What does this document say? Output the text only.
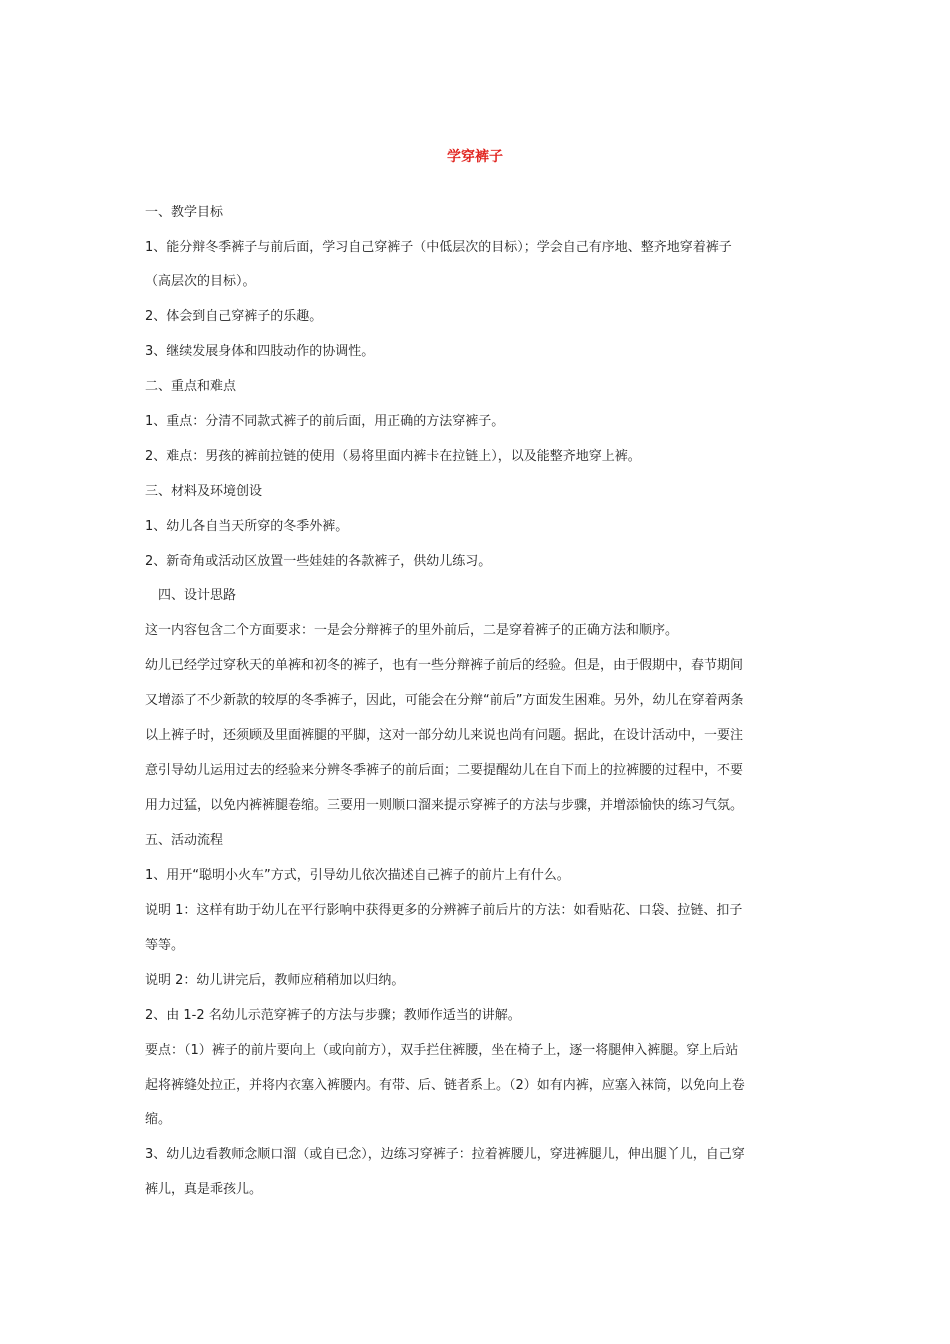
学穿裤子
一、教学目标
1、能分辩冬季裤子与前后面，学习自己穿裤子（中低层次的目标）；学会自己有序地、整齐地穿着裤子
（高层次的目标）。
2、体会到自己穿裤子的乐趣。
3、继续发展身体和四肢动作的协调性。
二、重点和难点
1、重点：分清不同款式裤子的前后面，用正确的方法穿裤子。
2、难点：男孩的裤前拉链的使用（易将里面内裤卡在拉链上），以及能整齐地穿上裤。
三、材料及环境创设
1、幼儿各自当天所穿的冬季外裤。
2、新奇角或活动区放置一些娃娃的各款裤子，供幼儿练习。
　四、设计思路
这一内容包含二个方面要求：一是会分辩裤子的里外前后，二是穿着裤子的正确方法和顺序。
幼儿已经学过穿秋天的单裤和初冬的裤子，也有一些分辩裤子前后的经验。但是，由于假期中，春节期间
又增添了不少新款的较厚的冬季裤子，因此，可能会在分辩“前后”方面发生困难。另外，幼儿在穿着两条
以上裤子时，还须顾及里面裤腿的平脚，这对一部分幼儿来说也尚有问题。据此，在设计活动中，一要注
意引导幼儿运用过去的经验来分辨冬季裤子的前后面；二要提醒幼儿在自下而上的拉裤腰的过程中，不要
用力过猛，以免内裤裤腿卷缩。三要用一则顺口溜来提示穿裤子的方法与步骤，并增添愉快的练习气氛。
五、活动流程
1、用开“聪明小火车”方式，引导幼儿依次描述自己裤子的前片上有什么。
说明 1：这样有助于幼儿在平行影响中获得更多的分辨裤子前后片的方法：如看贴花、口袋、拉链、扣子
等等。
说明 2：幼儿讲完后，教师应稍稍加以归纳。
2、由 1-2 名幼儿示范穿裤子的方法与步骤；教师作适当的讲解。
要点：（1）裤子的前片要向上（或向前方），双手拦住裤腰，坐在椅子上，逐一将腿伸入裤腿。穿上后站
起将裤缝处拉正，并将内衣塞入裤腰内。有带、后、链者系上。（2）如有内裤，应塞入袜筒，以免向上卷
缩。
3、幼儿边看教师念顺口溜（或自已念），边练习穿裤子：拉着裤腰儿，穿进裤腿儿，伸出腿丫儿，自己穿
裤儿，真是乖孩儿。
